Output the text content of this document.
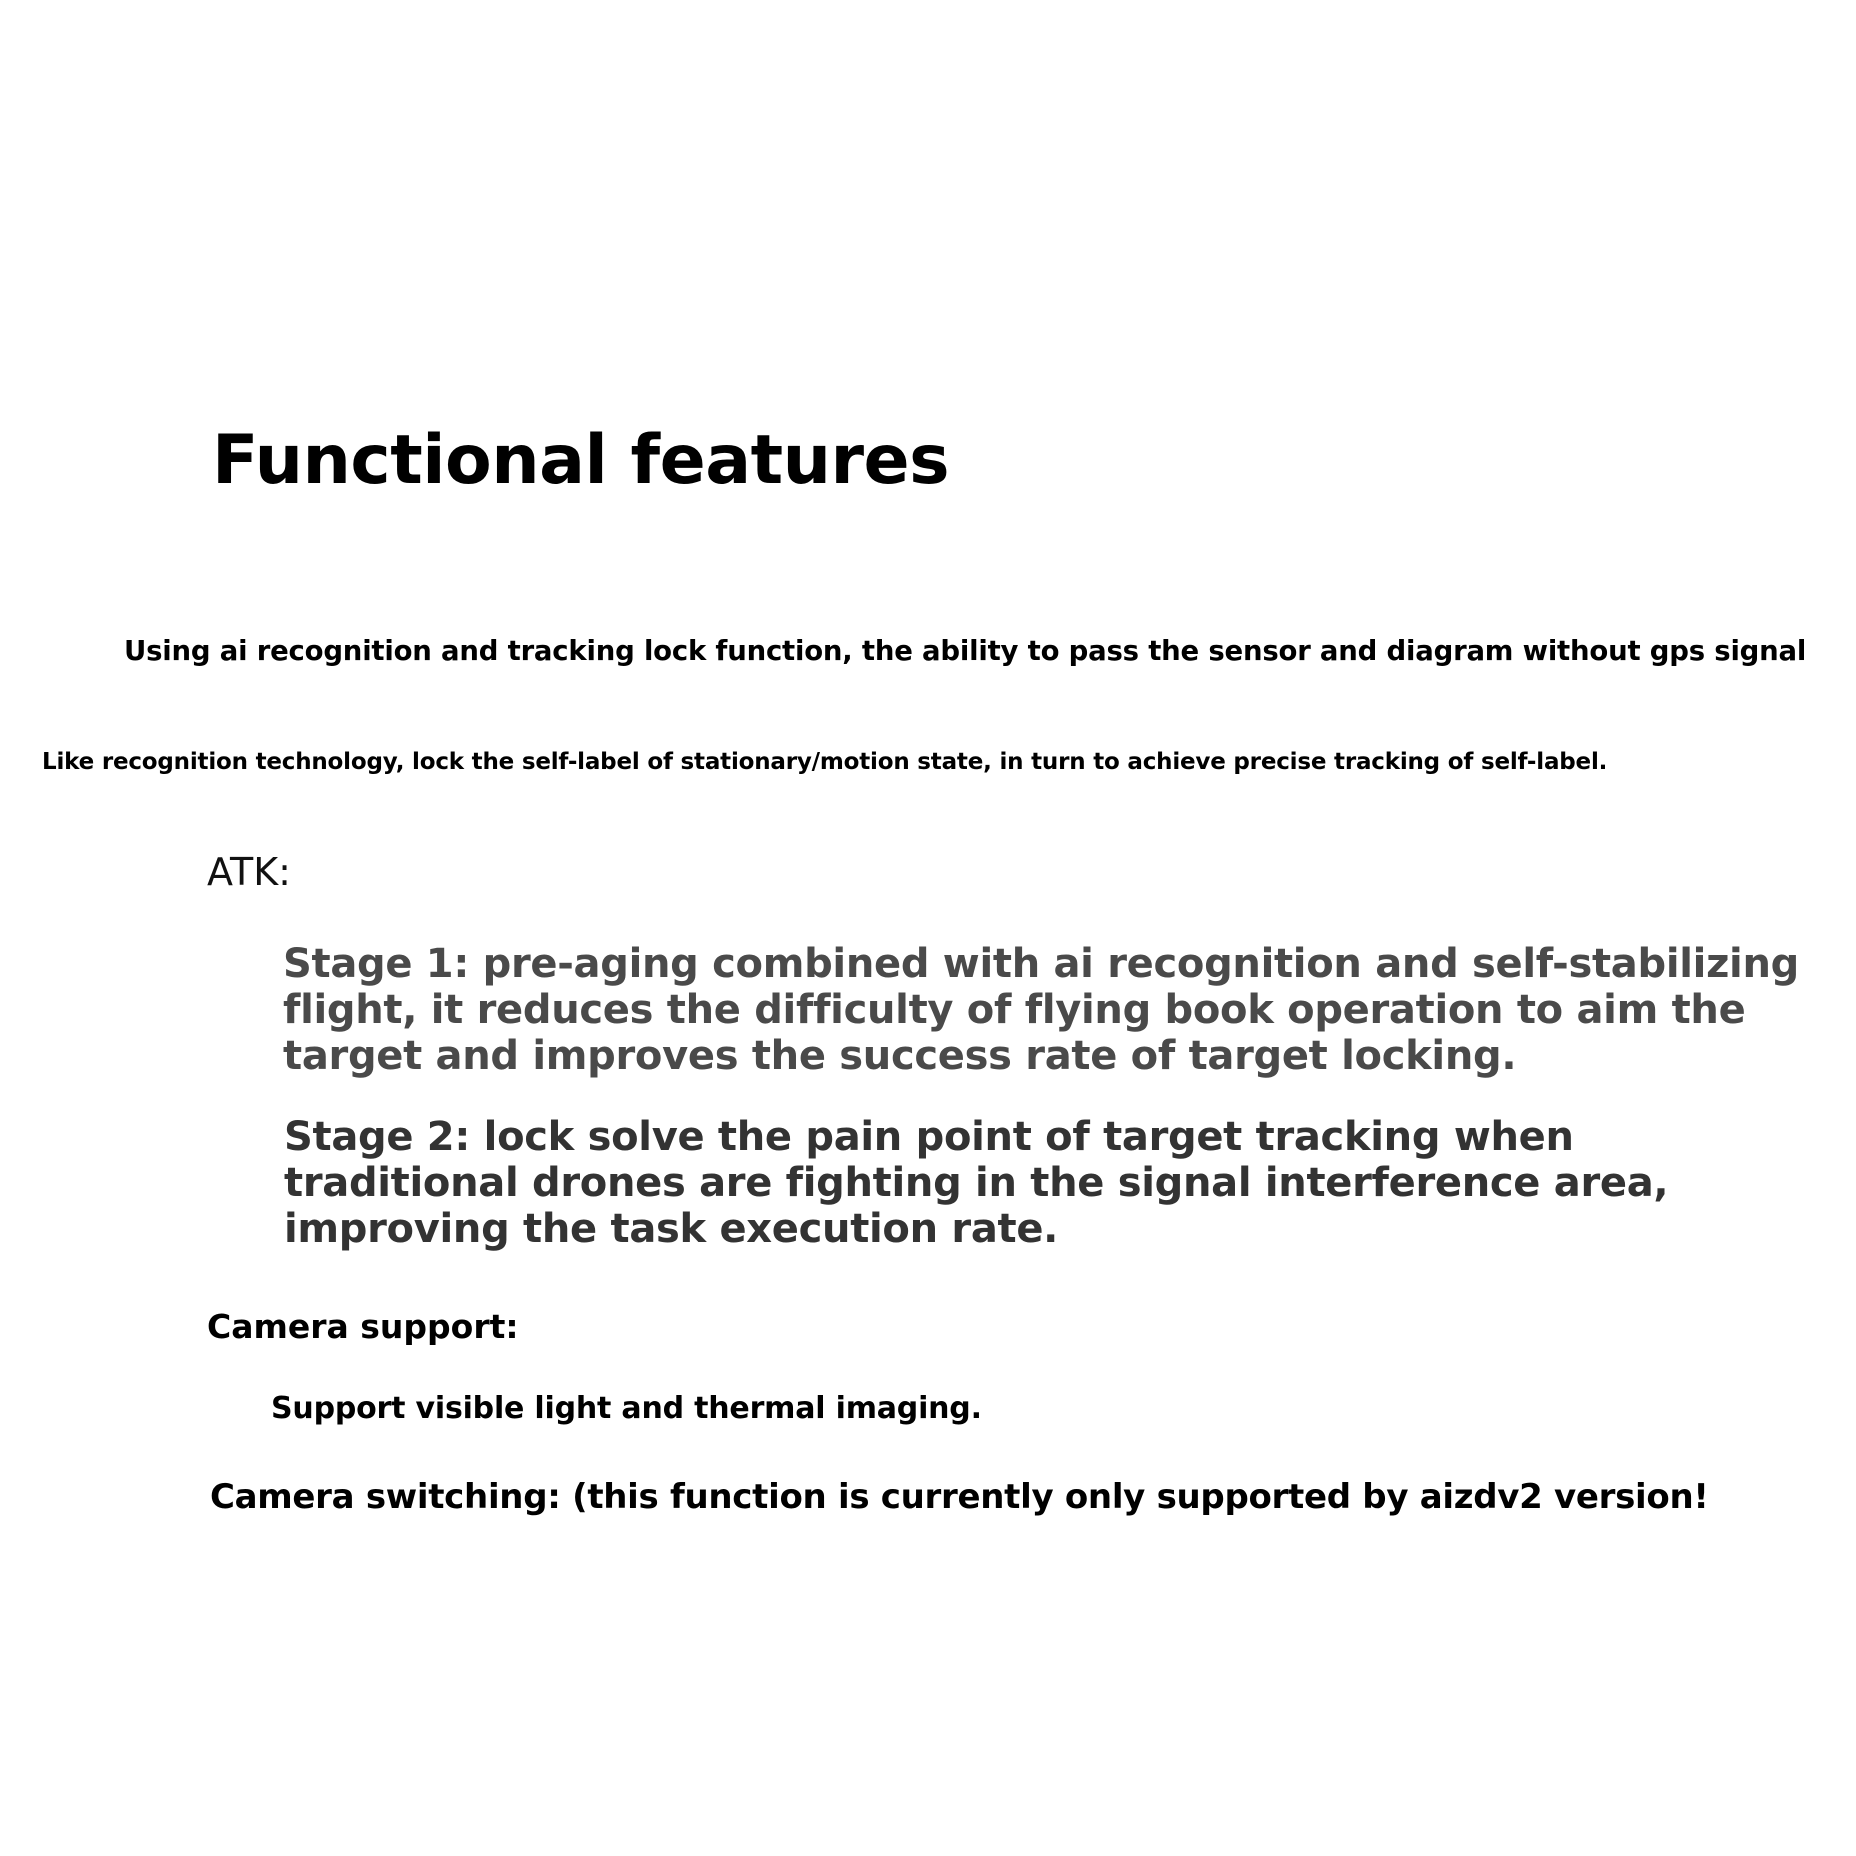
Functional features

Using ai recognition and tracking lock function, the ability to pass the sensor and diagram without gps signal

Like recognition technology, lock the self-label of stationary/motion state, in turn to achieve precise tracking of self-label.

ATK:
Stage 1: pre-aging combined with ai recognition and self-stabilizing
flight, it reduces the difficulty of flying book operation to aim the
target and improves the success rate of target locking.
Stage 2: lock solve the pain point of target tracking when
traditional drones are fighting in the signal interference area,
improving the task execution rate.
Camera support:

Support visible light and thermal imaging.

Camera switching: (this function is currently only supported by aizdv2 version!
